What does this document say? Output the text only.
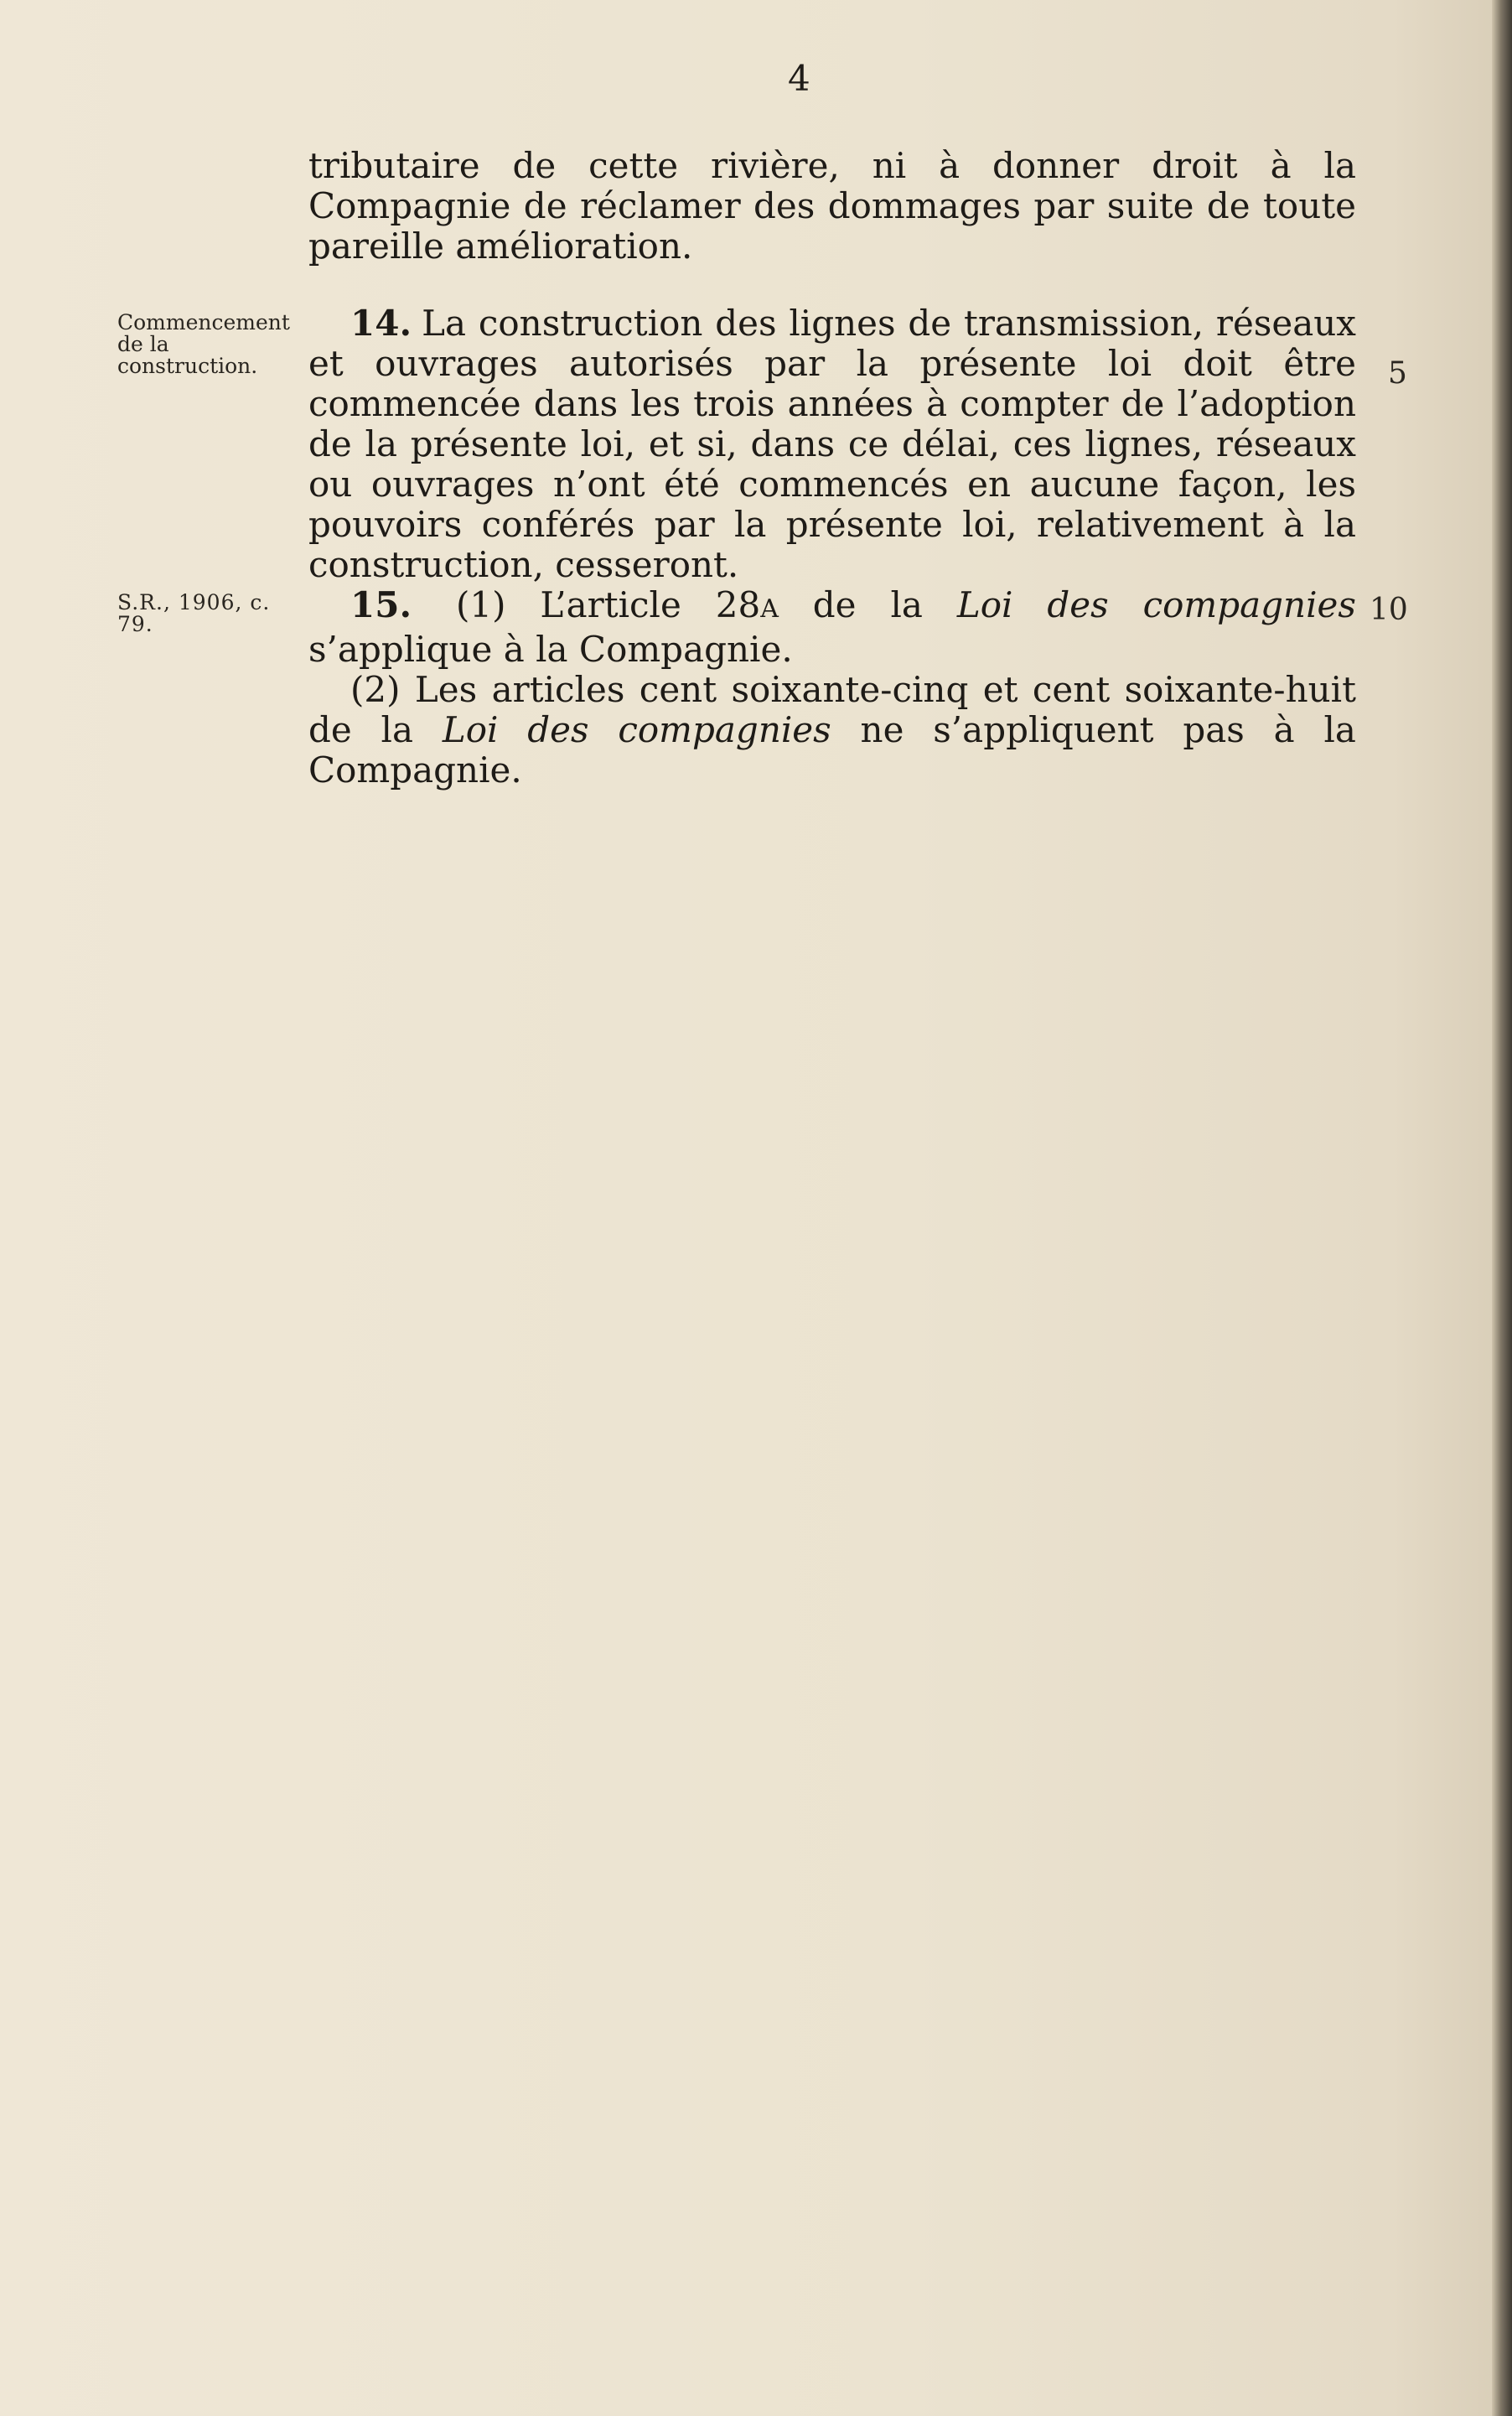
4

tributaire de cette rivière, ni à donner droit à la Compagnie de réclamer des dommages par suite de toute pareille amélioration.

Commencement de la construction.

14. La construction des lignes de transmission, réseaux et ouvrages autorisés par la présente loi doit être commencée dans les trois années à compter de l’adoption de la présente loi, et si, dans ce délai, ces lignes, réseaux ou ouvrages n’ont été commencés en aucune façon, les pouvoirs conférés par la présente loi, relativement à la construction, cesseront.

5
S.R., 1906, c. 79.	15. (1) L’article 28A de la Loi des compagnies s’applique à la Compagnie.

(2) Les articles cent soixante-cinq et cent soixante-huit de la Loi des compagnies ne s’appliquent pas à la Compagnie.

10
